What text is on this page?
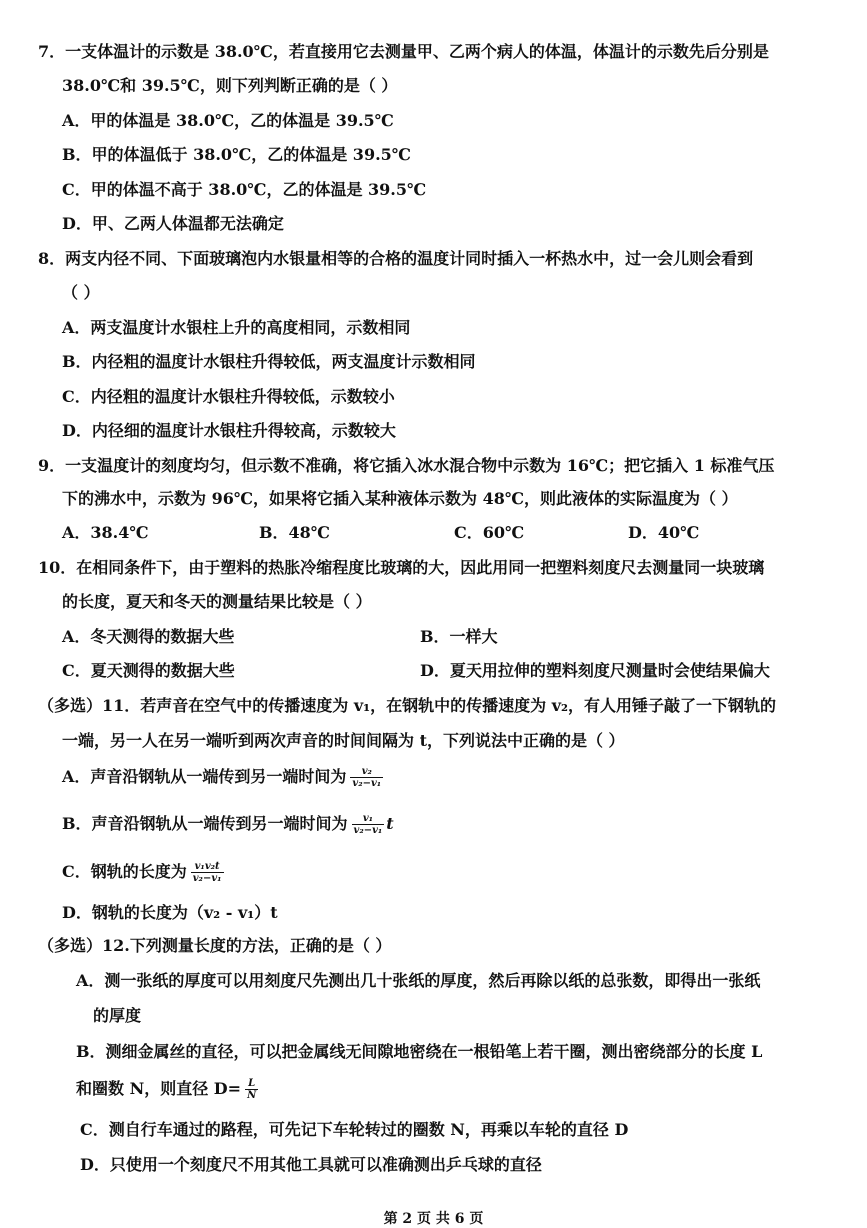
7．一支体温计的示数是 38.0℃，若直接用它去测量甲、乙两个病人的体温，体温计的示数先后分别是
38.0℃和 39.5℃，则下列判断正确的是（ ）
A．甲的体温是 38.0℃，乙的体温是 39.5℃
B．甲的体温低于 38.0℃，乙的体温是 39.5℃
C．甲的体温不高于 38.0℃，乙的体温是 39.5℃
D．甲、乙两人体温都无法确定
8．两支内径不同、下面玻璃泡内水银量相等的合格的温度计同时插入一杯热水中，过一会儿则会看到
（ ）
A．两支温度计水银柱上升的高度相同，示数相同
B．内径粗的温度计水银柱升得较低，两支温度计示数相同
C．内径粗的温度计水银柱升得较低，示数较小
D．内径细的温度计水银柱升得较高，示数较大
9．一支温度计的刻度均匀，但示数不准确，将它插入冰水混合物中示数为 16℃；把它插入 1 标准气压
下的沸水中，示数为 96℃，如果将它插入某种液体示数为 48℃，则此液体的实际温度为（ ）
A．38.4℃	B．48℃	C．60℃	D．40℃
10．在相同条件下，由于塑料的热胀冷缩程度比玻璃的大，因此用同一把塑料刻度尺去测量同一块玻璃
的长度，夏天和冬天的测量结果比较是（ ）
A．冬天测得的数据大些	B．一样大
C．夏天测得的数据大些	D．夏天用拉伸的塑料刻度尺测量时会使结果偏大
（多选）11．若声音在空气中的传播速度为 v₁，在钢轨中的传播速度为 v₂，有人用锤子敲了一下钢轨的
一端，另一人在另一端听到两次声音的时间间隔为 t，下列说法中正确的是（ ）
A．声音沿钢轨从一端传到另一端时间为 $\frac{\text{v₂}}{\text{v₂−v₁}}$
B．声音沿钢轨从一端传到另一端时间为 $\frac{\text{v₁}}{\text{v₂−v₁}}$ t
C．钢轨的长度为 $\frac{\text{v₁v₂t}}{\text{v₂−v₁}}$
D．钢轨的长度为（v₂ - v₁）t
（多选）12.下列测量长度的方法，正确的是（ ）
A．测一张纸的厚度可以用刻度尺先测出几十张纸的厚度，然后再除以纸的总张数，即得出一张纸
的厚度
B．测细金属丝的直径，可以把金属线无间隙地密绕在一根铅笔上若干圈，测出密绕部分的长度 L
和圈数 N，则直径 $D= \frac{L}{N}$
C．测自行车通过的路程，可先记下车轮转过的圈数 N，再乘以车轮的直径 D
D．只使用一个刻度尺不用其他工具就可以准确测出乒乓球的直径
第 2 页 共 6 页
